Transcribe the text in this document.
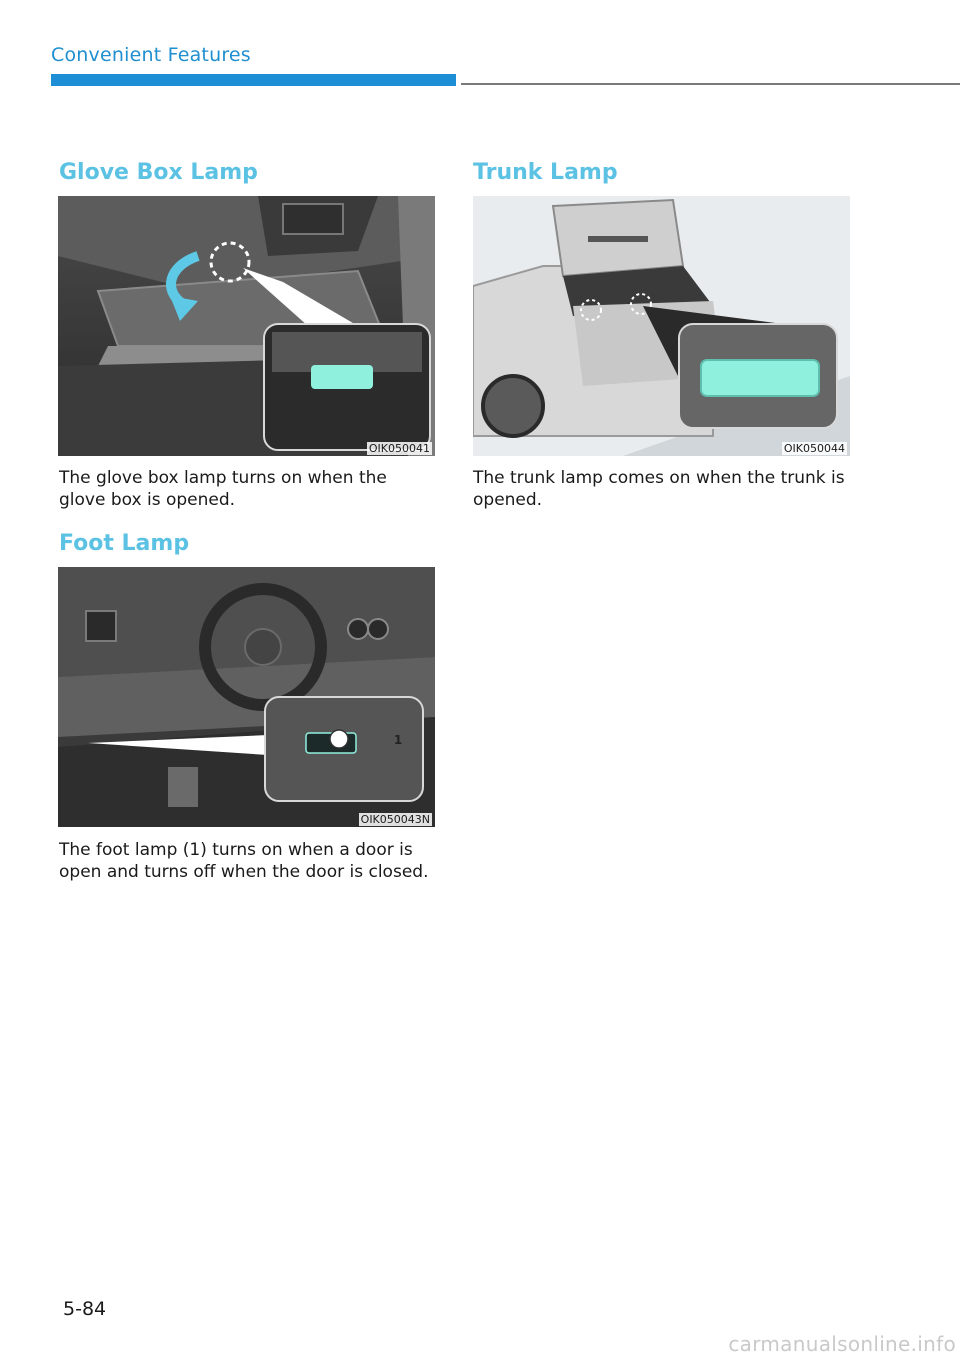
Convenient Features
Glove Box Lamp
OIK050041
The glove box lamp turns on when the glove box is opened.
Foot Lamp
1
OIK050043N
The foot lamp (1) turns on when a door is open and turns off when the door is closed.
Trunk Lamp
OIK050044
The trunk lamp comes on when the trunk is opened.
5-84
carmanualsonline.info
